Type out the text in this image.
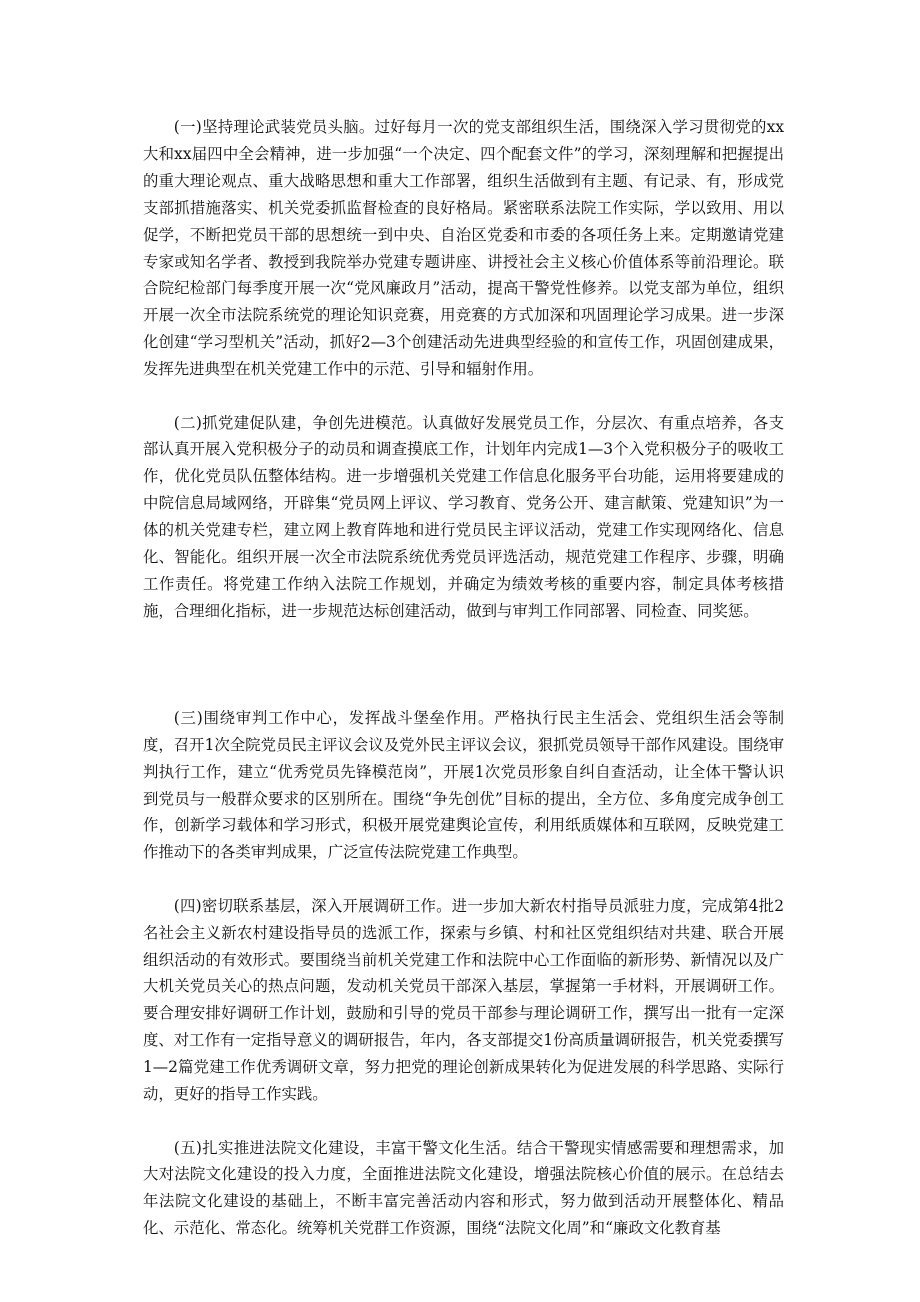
(一)坚持理论武装党员头脑。过好每月一次的党支部组织生活，围绕深入学习贯彻党的xx大和xx届四中全会精神，进一步加强“一个决定、四个配套文件”的学习，深刻理解和把握提出的重大理论观点、重大战略思想和重大工作部署，组织生活做到有主题、有记录、有，形成党支部抓措施落实、机关党委抓监督检查的良好格局。紧密联系法院工作实际，学以致用、用以促学，不断把党员干部的思想统一到中央、自治区党委和市委的各项任务上来。定期邀请党建专家或知名学者、教授到我院举办党建专题讲座、讲授社会主义核心价值体系等前沿理论。联合院纪检部门每季度开展一次“党风廉政月”活动，提高干警党性修养。以党支部为单位，组织开展一次全市法院系统党的理论知识竞赛，用竞赛的方式加深和巩固理论学习成果。进一步深化创建“学习型机关”活动，抓好2—3个创建活动先进典型经验的和宣传工作，巩固创建成果，发挥先进典型在机关党建工作中的示范、引导和辐射作用。

(二)抓党建促队建，争创先进模范。认真做好发展党员工作，分层次、有重点培养，各支部认真开展入党积极分子的动员和调查摸底工作，计划年内完成1—3个入党积极分子的吸收工作，优化党员队伍整体结构。进一步增强机关党建工作信息化服务平台功能，运用将要建成的中院信息局域网络，开辟集“党员网上评议、学习教育、党务公开、建言献策、党建知识”为一体的机关党建专栏，建立网上教育阵地和进行党员民主评议活动，党建工作实现网络化、信息化、智能化。组织开展一次全市法院系统优秀党员评选活动，规范党建工作程序、步骤，明确工作责任。将党建工作纳入法院工作规划，并确定为绩效考核的重要内容，制定具体考核措施，合理细化指标，进一步规范达标创建活动，做到与审判工作同部署、同检查、同奖惩。

(三)围绕审判工作中心，发挥战斗堡垒作用。严格执行民主生活会、党组织生活会等制度，召开1次全院党员民主评议会议及党外民主评议会议，狠抓党员领导干部作风建设。围绕审判执行工作，建立“优秀党员先锋模范岗”，开展1次党员形象自纠自查活动，让全体干警认识到党员与一般群众要求的区别所在。围绕“争先创优”目标的提出，全方位、多角度完成争创工作，创新学习载体和学习形式，积极开展党建舆论宣传，利用纸质媒体和互联网，反映党建工作推动下的各类审判成果，广泛宣传法院党建工作典型。

(四)密切联系基层，深入开展调研工作。进一步加大新农村指导员派驻力度，完成第4批2名社会主义新农村建设指导员的选派工作，探索与乡镇、村和社区党组织结对共建、联合开展组织活动的有效形式。要围绕当前机关党建工作和法院中心工作面临的新形势、新情况以及广大机关党员关心的热点问题，发动机关党员干部深入基层，掌握第一手材料，开展调研工作。要合理安排好调研工作计划，鼓励和引导的党员干部参与理论调研工作，撰写出一批有一定深度、对工作有一定指导意义的调研报告，年内，各支部提交1份高质量调研报告，机关党委撰写1—2篇党建工作优秀调研文章，努力把党的理论创新成果转化为促进发展的科学思路、实际行动，更好的指导工作实践。

(五)扎实推进法院文化建设，丰富干警文化生活。结合干警现实情感需要和理想需求，加大对法院文化建设的投入力度，全面推进法院文化建设，增强法院核心价值的展示。在总结去年法院文化建设的基础上，不断丰富完善活动内容和形式，努力做到活动开展整体化、精品化、示范化、常态化。统筹机关党群工作资源，围绕“法院文化周”和“廉政文化教育基
